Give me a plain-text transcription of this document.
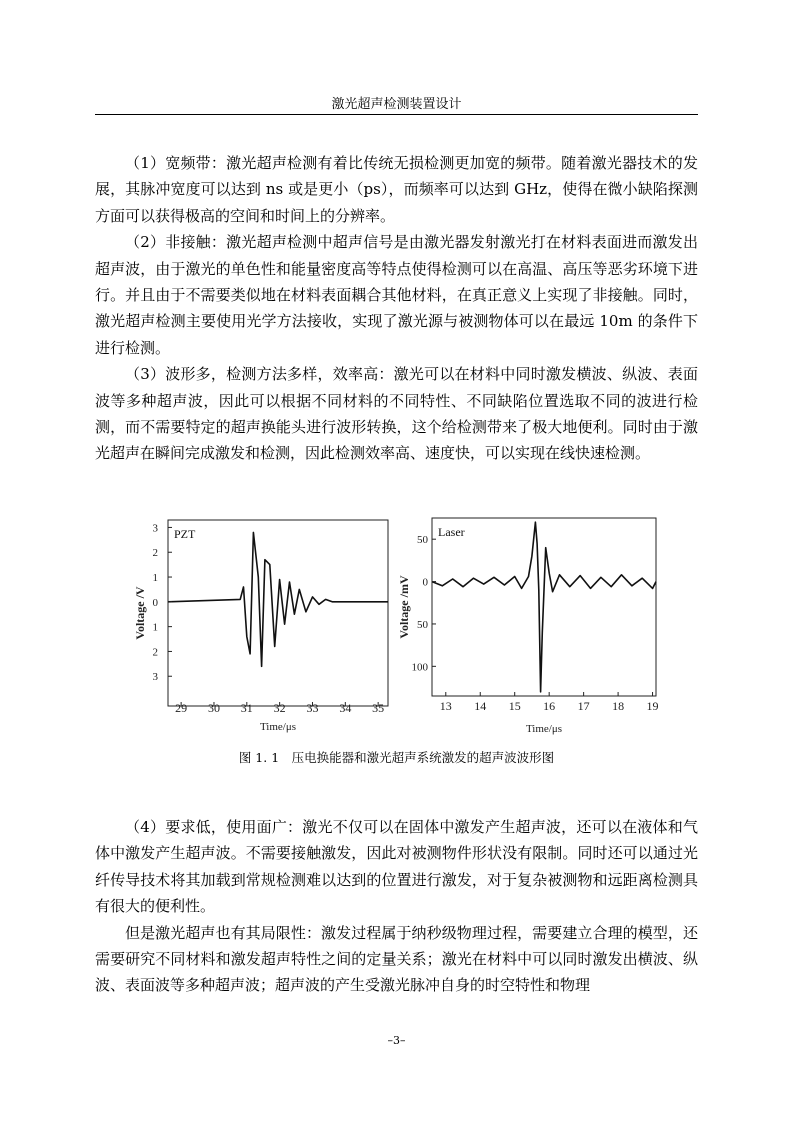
激光超声检测装置设计

（1）宽频带：激光超声检测有着比传统无损检测更加宽的频带。随着激光器技术的发展，其脉冲宽度可以达到 ns 或是更小（ps），而频率可以达到 GHz，使得在微小缺陷探测方面可以获得极高的空间和时间上的分辨率。

（2）非接触：激光超声检测中超声信号是由激光器发射激光打在材料表面进而激发出超声波，由于激光的单色性和能量密度高等特点使得检测可以在高温、高压等恶劣环境下进行。并且由于不需要类似地在材料表面耦合其他材料，在真正意义上实现了非接触。同时，激光超声检测主要使用光学方法接收，实现了激光源与被测物体可以在最远 10m 的条件下进行检测。

（3）波形多，检测方法多样，效率高：激光可以在材料中同时激发横波、纵波、表面波等多种超声波，因此可以根据不同材料的不同特性、不同缺陷位置选取不同的波进行检测，而不需要特定的超声换能头进行波形转换，这个给检测带来了极大地便利。同时由于激光超声在瞬间完成激发和检测，因此检测效率高、速度快，可以实现在线快速检测。

29 30 31 32 33 34 35
3
2
1
0
1
2
3
Time/μs
Voltage /V
PZT
13 14 15 16 17 18 19
50
0
50
100
Time/μs
Voltage /mV
Laser
图 1. 1　压电换能器和激光超声系统激发的超声波波形图

（4）要求低，使用面广：激光不仅可以在固体中激发产生超声波，还可以在液体和气体中激发产生超声波。不需要接触激发，因此对被测物件形状没有限制。同时还可以通过光纤传导技术将其加载到常规检测难以达到的位置进行激发，对于复杂被测物和远距离检测具有很大的便利性。

但是激光超声也有其局限性：激发过程属于纳秒级物理过程，需要建立合理的模型，还需要研究不同材料和激发超声特性之间的定量关系；激光在材料中可以同时激发出横波、纵波、表面波等多种超声波；超声波的产生受激光脉冲自身的时空特性和物理

–3–
